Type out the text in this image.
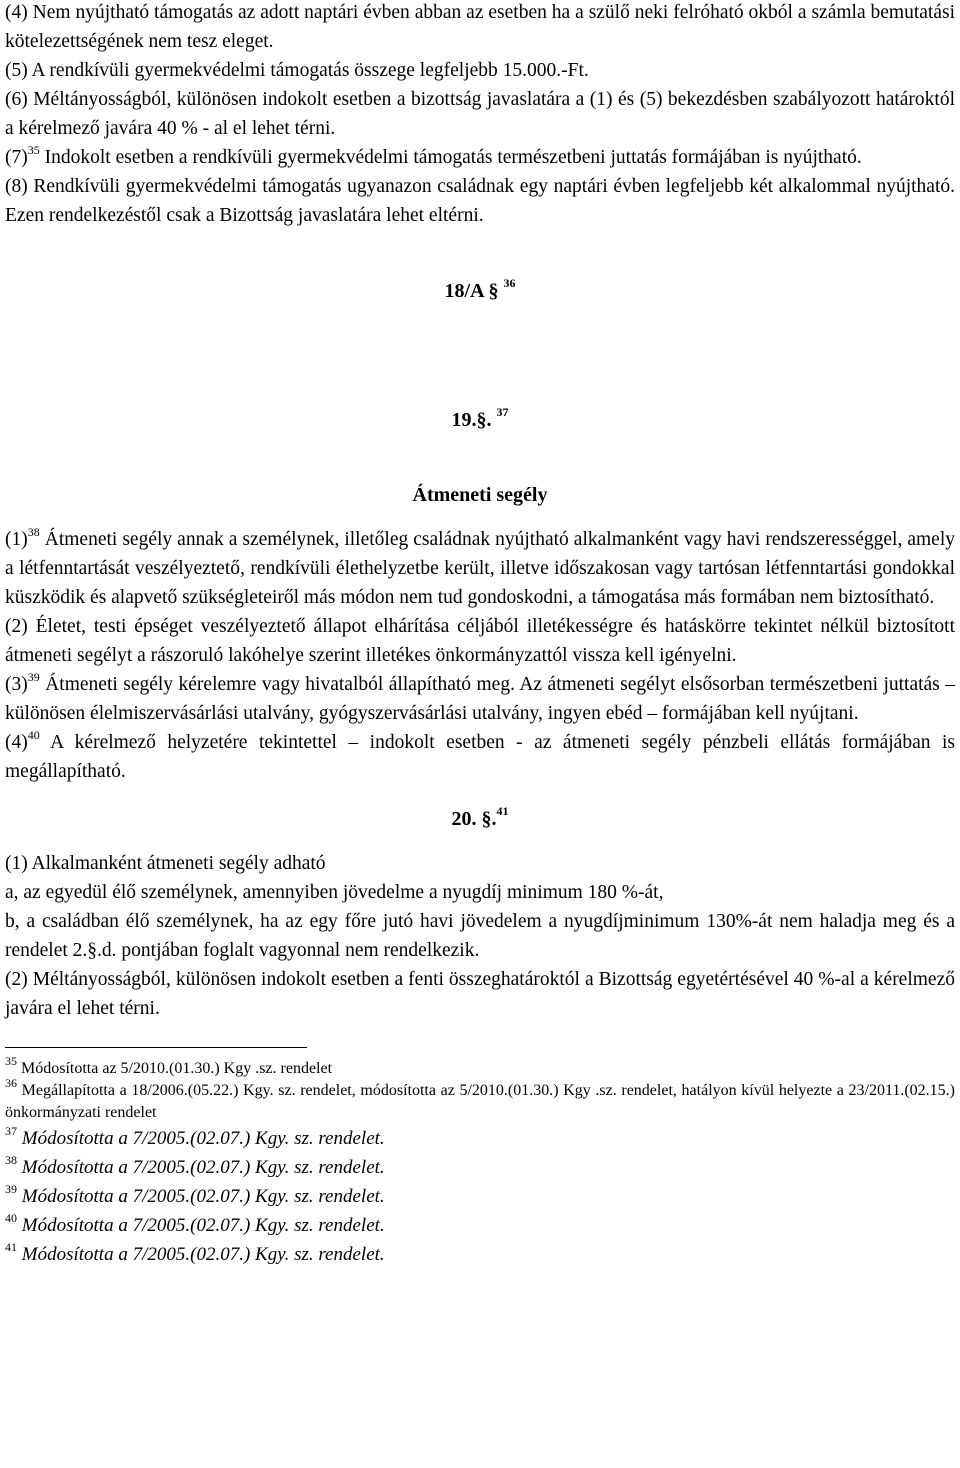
(4) Nem nyújtható támogatás az adott naptári évben abban az esetben ha a szülő neki felróható okból a számla bemutatási kötelezettségének nem tesz eleget.

(5) A rendkívüli gyermekvédelmi támogatás összege legfeljebb 15.000.-Ft.

(6) Méltányosságból, különösen indokolt esetben a bizottság javaslatára a (1) és (5) bekezdésben szabályozott határoktól a kérelmező javára 40 % - al el lehet térni.

$(7)^{35}$ Indokolt esetben a rendkívüli gyermekvédelmi támogatás természetbeni juttatás formájában is nyújtható.

(8) Rendkívüli gyermekvédelmi támogatás ugyanazon családnak egy naptári évben legfeljebb két alkalommal nyújtható. Ezen rendelkezéstől csak a Bizottság javaslatára lehet eltérni.

18/A § $^{36}$

19.§. $^{37}$

Átmeneti segély

$(1)^{38}$ Átmeneti segély annak a személynek, illetőleg családnak nyújtható alkalmanként vagy havi rendszerességgel, amely a létfenntartását veszélyeztető, rendkívüli élethelyzetbe került, illetve időszakosan vagy tartósan létfenntartási gondokkal küszködik és alapvető szükségleteiről más módon nem tud gondoskodni, a támogatása más formában nem biztosítható.

(2) Életet, testi épséget veszélyeztető állapot elhárítása céljából illetékességre és hatáskörre tekintet nélkül biztosított átmeneti segélyt a rászoruló lakóhelye szerint illetékes önkormányzattól vissza kell igényelni.

$(3)^{39}$ Átmeneti segély kérelemre vagy hivatalból állapítható meg. Az átmeneti segélyt elsősorban természetbeni juttatás – különösen élelmiszervásárlási utalvány, gyógyszervásárlási utalvány, ingyen ebéd – formájában kell nyújtani.

$(4)^{40}$ A kérelmező helyzetére tekintettel – indokolt esetben - az átmeneti segély pénzbeli ellátás formájában is megállapítható.

20. §.$^{41}$

(1) Alkalmanként átmeneti segély adható

a, az egyedül élő személynek, amennyiben jövedelme a nyugdíj minimum 180 %-át,

b, a családban élő személynek, ha az egy főre jutó havi jövedelem a nyugdíjminimum 130%-át nem haladja meg és a rendelet 2.§.d. pontjában foglalt vagyonnal nem rendelkezik.

(2) Méltányosságból, különösen indokolt esetben a fenti összeghatároktól a Bizottság egyetértésével 40 %-al a kérelmező javára el lehet térni.

$^{35}$ Módosította az 5/2010.(01.30.) Kgy .sz. rendelet

$^{36}$ Megállapította a 18/2006.(05.22.) Kgy. sz. rendelet, módosította az 5/2010.(01.30.) Kgy .sz. rendelet, hatályon kívül helyezte a 23/2011.(02.15.) önkormányzati rendelet

$^{37}$ Módosította a 7/2005.(02.07.) Kgy. sz. rendelet.

$^{38}$ Módosította a 7/2005.(02.07.) Kgy. sz. rendelet.

$^{39}$ Módosította a 7/2005.(02.07.) Kgy. sz. rendelet.

$^{40}$ Módosította a 7/2005.(02.07.) Kgy. sz. rendelet.

$^{41}$ Módosította a 7/2005.(02.07.) Kgy. sz. rendelet.
